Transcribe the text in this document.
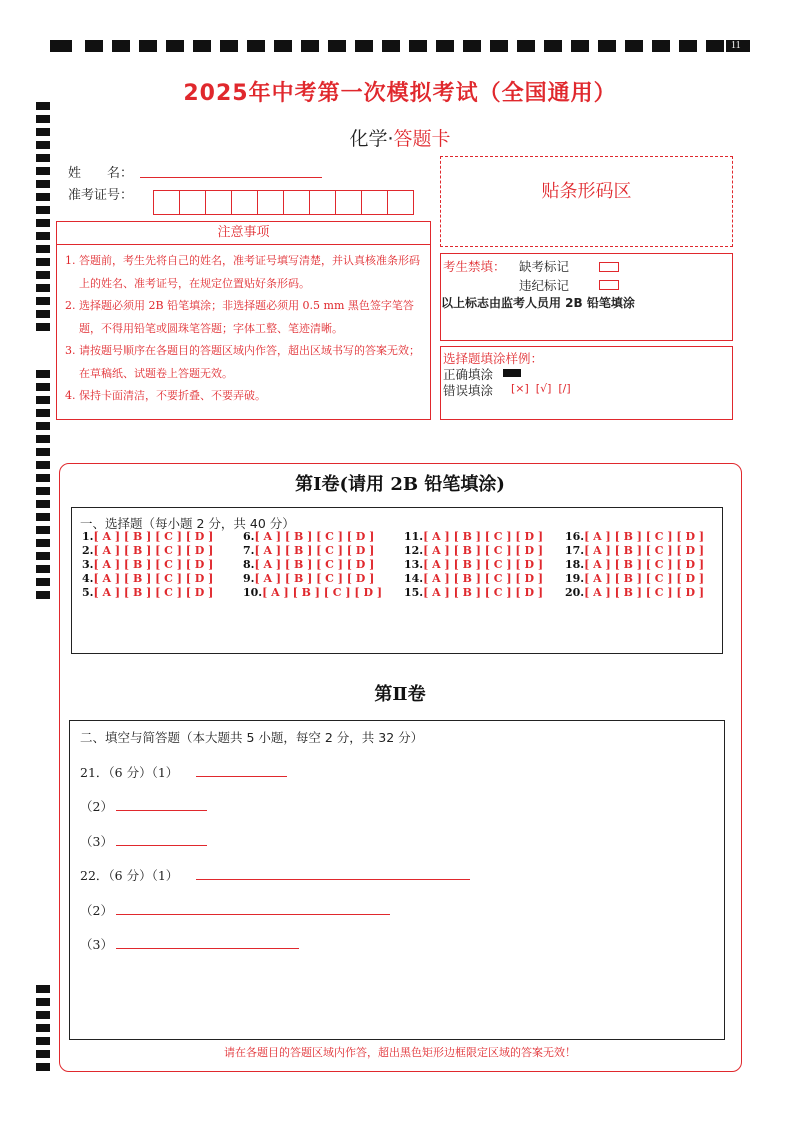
11
2025年中考第一次模拟考试（全国通用）
化学·答题卡
姓　　名：
准考证号：	贴条形码区
注意事项
1. 答题前，考生先将自己的姓名，准考证号填写清楚，并认真核准条形码上的姓名、准考证号，在规定位置贴好条形码。
2. 选择题必须用 2B 铅笔填涂；非选择题必须用 0.5 mm 黑色签字笔答题，不得用铅笔或圆珠笔答题；字体工整、笔迹清晰。
3. 请按题号顺序在各题目的答题区域内作答，超出区域书写的答案无效；在草稿纸、试题卷上答题无效。
4. 保持卡面清洁，不要折叠、不要弄破。
考生禁填： 缺考标记
违纪标记
以上标志由监考人员用 2B 铅笔填涂
选择题填涂样例：
正确填涂
错误填涂 [×]  [√]  [/]
第Ⅰ卷(请用 2B 铅笔填涂)
一、选择题（每小题 2 分，共 40 分）
1.[ A ] [ B ] [ C ] [ D ]
2.[ A ] [ B ] [ C ] [ D ]
3.[ A ] [ B ] [ C ] [ D ]
4.[ A ] [ B ] [ C ] [ D ]
5.[ A ] [ B ] [ C ] [ D ]
6.[ A ] [ B ] [ C ] [ D ]
7.[ A ] [ B ] [ C ] [ D ]
8.[ A ] [ B ] [ C ] [ D ]
9.[ A ] [ B ] [ C ] [ D ]
10.[ A ] [ B ] [ C ] [ D ]
11.[ A ] [ B ] [ C ] [ D ]
12.[ A ] [ B ] [ C ] [ D ]
13.[ A ] [ B ] [ C ] [ D ]
14.[ A ] [ B ] [ C ] [ D ]
15.[ A ] [ B ] [ C ] [ D ]
16.[ A ] [ B ] [ C ] [ D ]
17.[ A ] [ B ] [ C ] [ D ]
18.[ A ] [ B ] [ C ] [ D ]
19.[ A ] [ B ] [ C ] [ D ]
20.[ A ] [ B ] [ C ] [ D ]
第Ⅱ卷
二、填空与简答题（本大题共 5 小题，每空 2 分，共 32 分）
21．（6 分）（1）
（2）
（3）
22．（6 分）（1）
（2）
（3）
请在各题目的答题区域内作答，超出黑色矩形边框限定区域的答案无效！
